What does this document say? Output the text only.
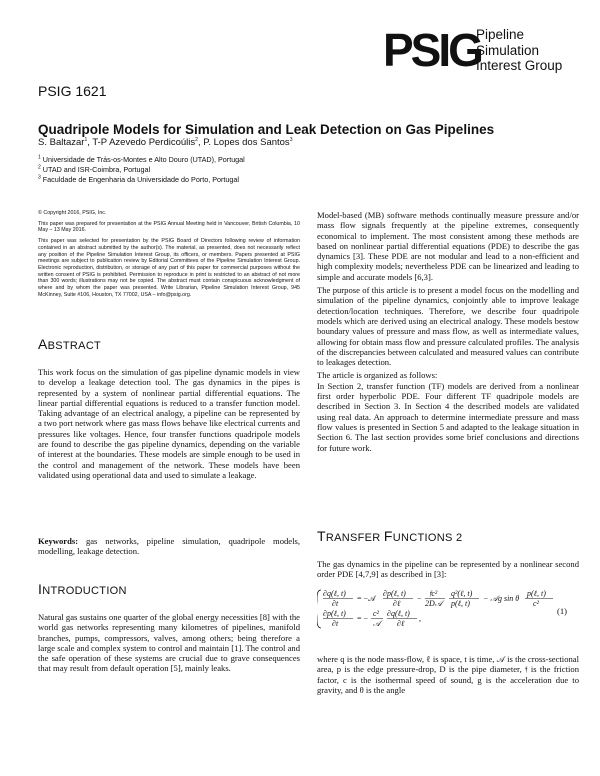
PSIG
Pipeline
Simulation
Interest Group
PSIG 1621
Quadripole Models for Simulation and Leak Detection on Gas Pipelines
S. Baltazar$^1$, T-P Azevedo Perdicoúlis$^2$, P. Lopes dos Santos$^3$
$^1$ Universidade de Trás-os-Montes e Alto Douro (UTAD), Portugal
$^2$ UTAD and ISR-Coimbra, Portugal
$^3$ Faculdade de Engenharia da Universidade do Porto, Portugal

© Copyright 2016, PSIG, Inc.

This paper was prepared for presentation at the PSIG Annual Meeting held in Vancouver, British Columbia, 10 May – 13 May 2016.

This paper was selected for presentation by the PSIG Board of Directors following review of information contained in an abstract submitted by the author(s). The material, as presented, does not necessarily reflect any position of the Pipeline Simulation Interest Group, its officers, or members. Papers presented at PSIG meetings are subject to publication review by Editorial Committees of the Pipeline Simulation Interest Group. Electronic reproduction, distribution, or storage of any part of this paper for commercial purposes without the written consent of PSIG is prohibited. Permission to reproduce in print is restricted to an abstract of not more than 300 words; illustrations may not be copied. The abstract must contain conspicuous acknowledgment of where and by whom the paper was presented. Write Librarian, Pipeline Simulation Interest Group, 945 McKinney, Suite #106, Houston, TX 77002, USA – info@psig.org.

ABSTRACT

This work focus on the simulation of gas pipeline dynamic models in view to develop a leakage detection tool. The gas dynamics in the pipes is represented by a system of nonlinear partial differential equations. The linear partial differential equations is reduced to a transfer function model. Taking advantage of an electrical analogy, a pipeline can be represented by a two port network where gas mass flows behave like electrical currents and pressures like voltages. Hence, four transfer functions quadripole models are found to describe the gas pipeline dynamics, depending on the variable of interest at the boundaries. These models are simple enough to be used in the control and management of the network. These models have been validated using operational data and used to simulate a leakage.

Keywords: gas networks, pipeline simulation, quadripole models, modelling, leakage detection.

INTRODUCTION

Natural gas sustains one quarter of the global energy necessities [8] with the world gas networks representing many kilometres of pipelines, manifold branches, pumps, compressors, valves, among others; being therefore a large scale and complex system to control and maintain [1]. The control and the safe operation of these systems are crucial due to grave consequences that may result from default operation [5], mainly leaks.

Model-based (MB) software methods continually measure pressure and/or mass flow signals frequently at the pipeline extremes, consequently economical to implement. The most consistent among these methods are based on nonlinear partial differential equations (PDE) to describe the gas dynamics [3]. These PDE are not modular and lead to a non-efficient and high complexity models; nevertheless PDE can be linearized and leading to simple and accurate models [6,3].

The purpose of this article is to present a model focus on the modelling and simulation of the pipeline dynamics, conjointly able to improve leakage detection/location techniques. Therefore, we describe four quadripole models which are derived using an electrical analogy. These models bestow boundary values of pressure and mass flow, as well as intermediate values, allowing for obtain mass flow and pressure calculated profiles. The analysis of the discrepancies between calculated and measured values can contribute to leakages detection.

The article is organized as follows:

In Section 2, transfer function (TF) models are derived from a nonlinear first order hyperbolic PDE. Four different TF quadripole models are described in Section 3. In Section 4 the described models are validated using real data. An approach to determine intermediate pressure and mass flow values is presented in Section 5 and adapted to the leakage situation in Section 6. The last section provides some brief conclusions and directions for future work.

TRANSFER FUNCTIONS 2

The gas dynamics in the pipeline can be represented by a nonlinear second order PDE [4,7,9] as described in [3]:

∂q(ℓ, t)
∂t
= −𝒜
∂p(ℓ, t)
∂ℓ
−
𝔣c²
2D𝒜
q²(ℓ, t)
p(ℓ, t)
− 𝒜g sin θ
p(ℓ, t)
c²
∂p(ℓ, t)
∂t
= −
c²
𝒜
∂q(ℓ, t)
∂ℓ
,
(1)

where q is the node mass-flow, ℓ is space, t is time, 𝒜 is the cross-sectional area, p is the edge pressure-drop, D is the pipe diameter, 𝔣 is the friction factor, c is the isothermal speed of sound, g is the acceleration due to gravity, and θ is the angle
